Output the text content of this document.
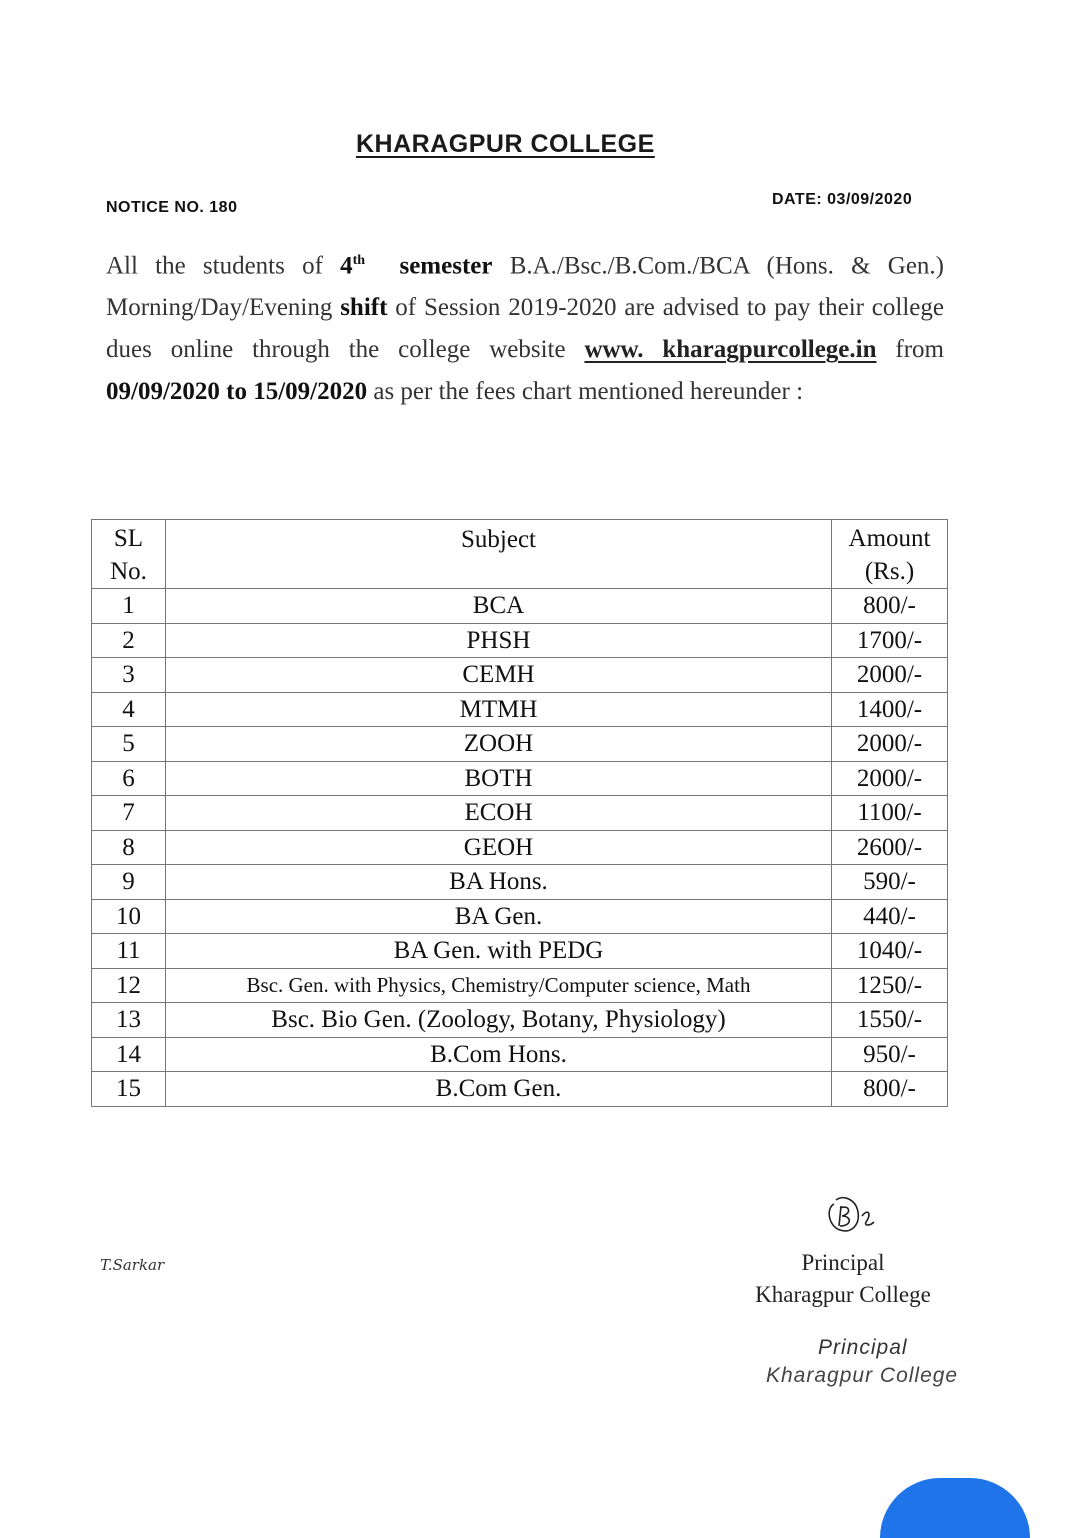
KHARAGPUR COLLEGE
NOTICE NO. 180	DATE: 03/09/2020
All the students of 4th semester B.A./Bsc./B.Com./BCA (Hons. & Gen.) Morning/Day/Evening shift of Session 2019-2020 are advised to pay their college dues online through the college website www. kharagpurcollege.in from 09/09/2020 to 15/09/2020 as per the fees chart mentioned hereunder :
SL
No.	Subject	Amount
(Rs.)
1	BCA	800/-
2	PHSH	1700/-
3	CEMH	2000/-
4	MTMH	1400/-
5	ZOOH	2000/-
6	BOTH	2000/-
7	ECOH	1100/-
8	GEOH	2600/-
9	BA Hons.	590/-
10	BA Gen.	440/-
11	BA Gen. with PEDG	1040/-
12	Bsc. Gen. with Physics, Chemistry/Computer science, Math	1250/-
13	Bsc. Bio Gen. (Zoology, Botany, Physiology)	1550/-
14	B.Com Hons.	950/-
15	B.Com Gen.	800/-
T.Sarkar	Principal
Kharagpur College
Principal
Kharagpur College
